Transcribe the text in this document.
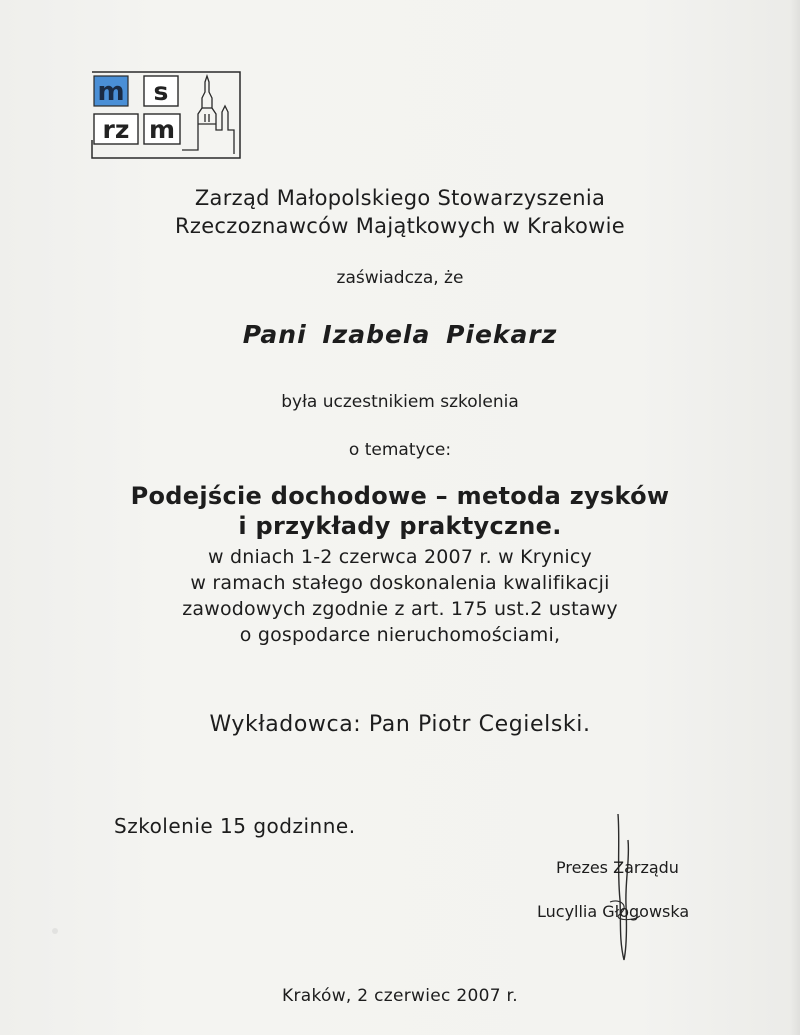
m s
rz m
Zarząd Małopolskiego Stowarzyszenia
Rzeczoznawców Majątkowych w Krakowie
zaświadcza, że
Pani Izabela Piekarz
była uczestnikiem szkolenia
o tematyce:
Podejście dochodowe – metoda zysków
i przykłady praktyczne.
w dniach 1-2 czerwca 2007 r. w Krynicy
w ramach stałego doskonalenia kwalifikacji
zawodowych zgodnie z art. 175 ust.2 ustawy
o gospodarce nieruchomościami,
Wykładowca: Pan Piotr Cegielski.
Szkolenie 15 godzinne.
Prezes Zarządu
Lucyllia Głogowska
Kraków, 2 czerwiec 2007 r.
